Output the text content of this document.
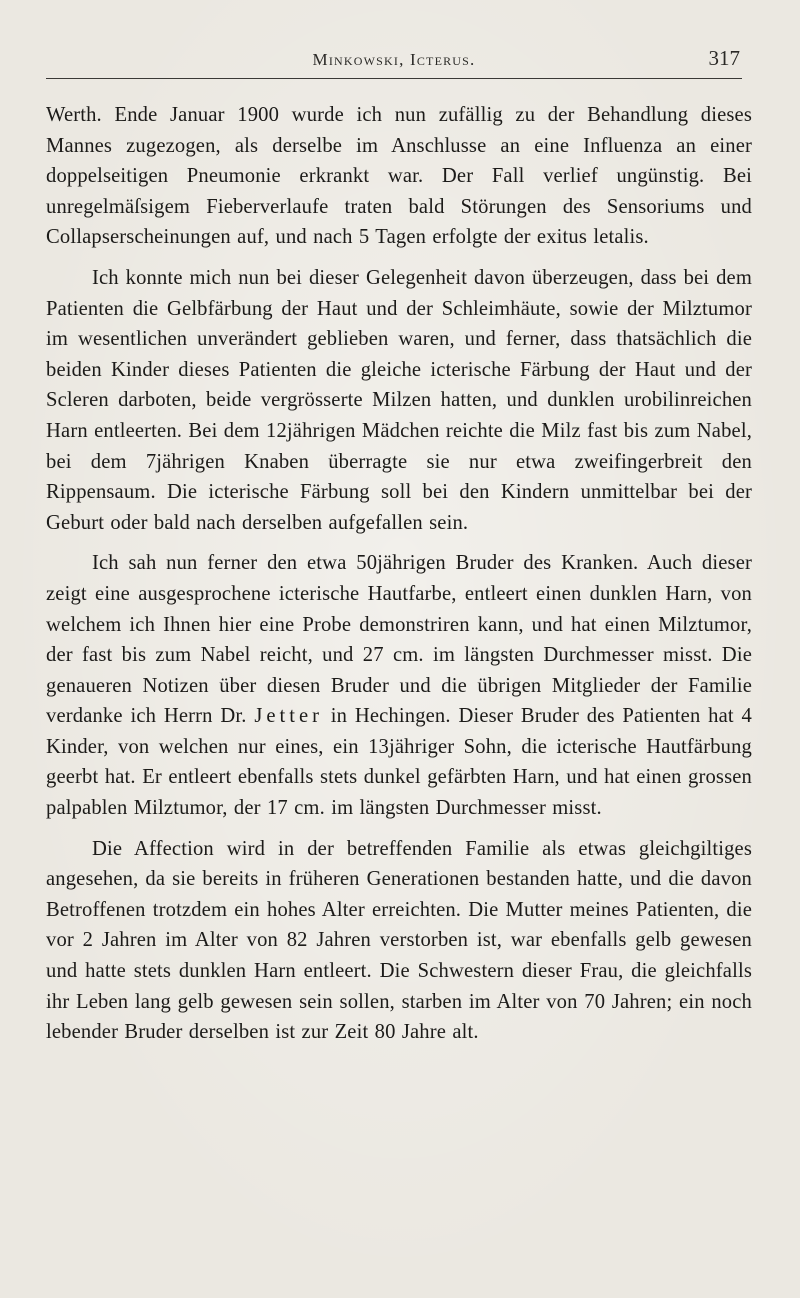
Minkowski, Icterus.	317

Werth. Ende Januar 1900 wurde ich nun zufällig zu der Behandlung dieses Mannes zugezogen, als derselbe im Anschlusse an eine Influenza an einer doppelseitigen Pneumonie erkrankt war. Der Fall verlief ungünstig. Bei unregelmäſsigem Fieberverlaufe traten bald Störungen des Sensoriums und Collapserscheinungen auf, und nach 5 Tagen erfolgte der exitus letalis.

Ich konnte mich nun bei dieser Gelegenheit davon überzeugen, dass bei dem Patienten die Gelbfärbung der Haut und der Schleimhäute, sowie der Milztumor im wesentlichen unverändert geblieben waren, und ferner, dass thatsächlich die beiden Kinder dieses Patienten die gleiche icterische Färbung der Haut und der Scleren darboten, beide vergrösserte Milzen hatten, und dunklen urobilinreichen Harn entleerten. Bei dem 12jährigen Mädchen reichte die Milz fast bis zum Nabel, bei dem 7jährigen Knaben überragte sie nur etwa zweifingerbreit den Rippensaum. Die icterische Färbung soll bei den Kindern unmittelbar bei der Geburt oder bald nach derselben aufgefallen sein.

Ich sah nun ferner den etwa 50jährigen Bruder des Kranken. Auch dieser zeigt eine ausgesprochene icterische Hautfarbe, entleert einen dunklen Harn, von welchem ich Ihnen hier eine Probe demonstriren kann, und hat einen Milztumor, der fast bis zum Nabel reicht, und 27 cm. im längsten Durchmesser misst. Die genaueren Notizen über diesen Bruder und die übrigen Mitglieder der Familie verdanke ich Herrn Dr. Jetter in Hechingen. Dieser Bruder des Patienten hat 4 Kinder, von welchen nur eines, ein 13jähriger Sohn, die icterische Hautfärbung geerbt hat. Er entleert ebenfalls stets dunkel gefärbten Harn, und hat einen grossen palpablen Milztumor, der 17 cm. im längsten Durchmesser misst.

Die Affection wird in der betreffenden Familie als etwas gleichgiltiges angesehen, da sie bereits in früheren Generationen bestanden hatte, und die davon Betroffenen trotzdem ein hohes Alter erreichten. Die Mutter meines Patienten, die vor 2 Jahren im Alter von 82 Jahren verstorben ist, war ebenfalls gelb gewesen und hatte stets dunklen Harn entleert. Die Schwestern dieser Frau, die gleichfalls ihr Leben lang gelb gewesen sein sollen, starben im Alter von 70 Jahren; ein noch lebender Bruder derselben ist zur Zeit 80 Jahre alt.
